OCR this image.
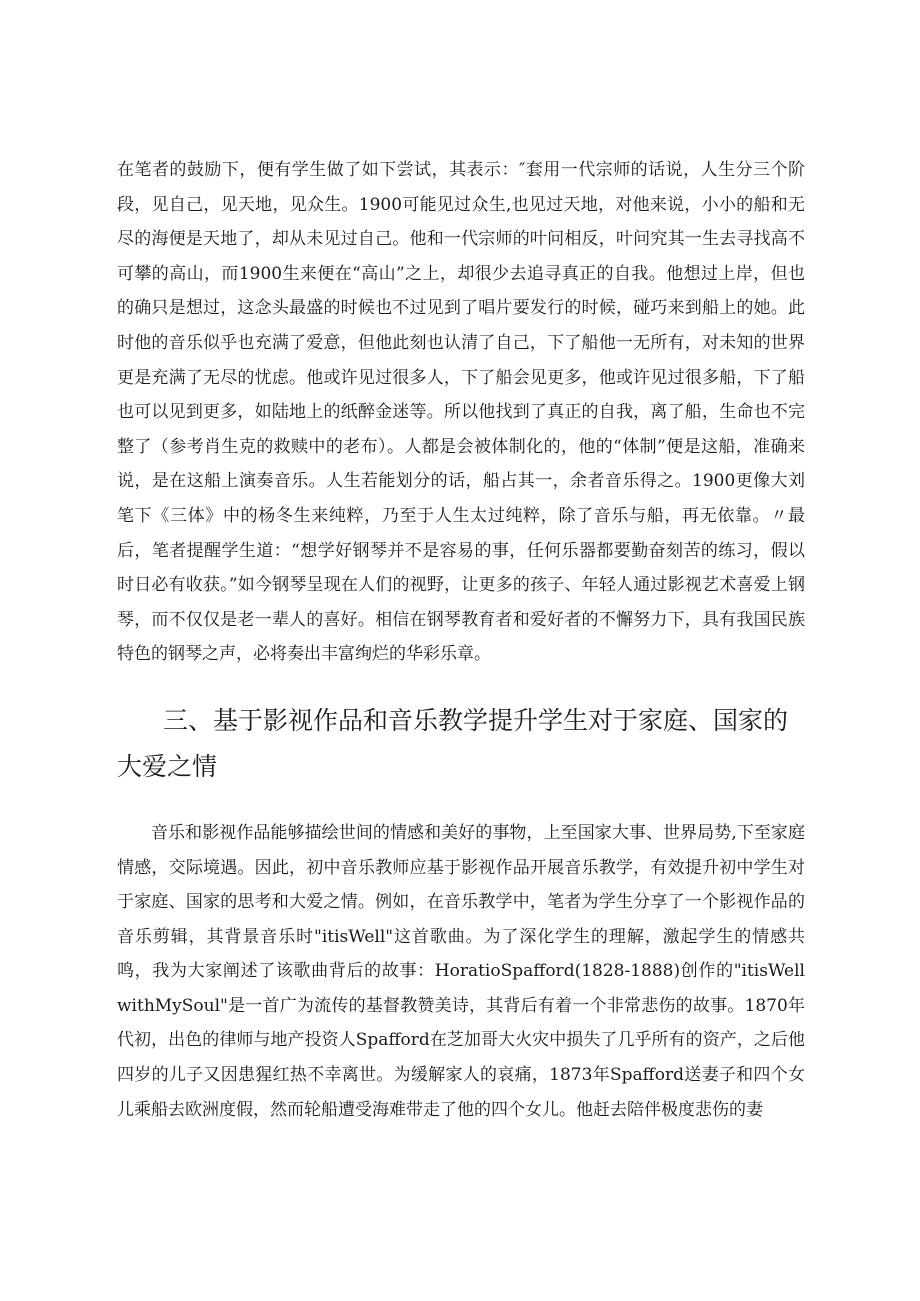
在笔者的鼓励下，便有学生做了如下尝试，其表示：″套用一代宗师的话说，人生分三个阶段，见自己，见天地，见众生。1900可能见过众生,也见过天地，对他来说，小小的船和无尽的海便是天地了，却从未见过自己。他和一代宗师的叶问相反，叶问究其一生去寻找高不可攀的高山，而1900生来便在“高山”之上，却很少去追寻真正的自我。他想过上岸，但也的确只是想过，这念头最盛的时候也不过见到了唱片要发行的时候，碰巧来到船上的她。此时他的音乐似乎也充满了爱意，但他此刻也认清了自己，下了船他一无所有，对未知的世界更是充满了无尽的忧虑。他或许见过很多人，下了船会见更多，他或许见过很多船，下了船也可以见到更多，如陆地上的纸醉金迷等。所以他找到了真正的自我，离了船，生命也不完整了（参考肖生克的救赎中的老布）。人都是会被体制化的，他的“体制”便是这船，准确来说，是在这船上演奏音乐。人生若能划分的话，船占其一，余者音乐得之。1900更像大刘笔下《三体》中的杨冬生来纯粹，乃至于人生太过纯粹，除了音乐与船，再无依靠。〃最后，笔者提醒学生道：“想学好钢琴并不是容易的事，任何乐器都要勤奋刻苦的练习，假以时日必有收获。”如今钢琴呈现在人们的视野，让更多的孩子、年轻人通过影视艺术喜爱上钢琴，而不仅仅是老一辈人的喜好。相信在钢琴教育者和爱好者的不懈努力下，具有我国民族特色的钢琴之声，必将奏出丰富绚烂的华彩乐章。

三、基于影视作品和音乐教学提升学生对于家庭、国家的大爱之情

音乐和影视作品能够描绘世间的情感和美好的事物，上至国家大事、世界局势,下至家庭情感，交际境遇。因此，初中音乐教师应基于影视作品开展音乐教学，有效提升初中学生对于家庭、国家的思考和大爱之情。例如，在音乐教学中，笔者为学生分享了一个影视作品的音乐剪辑，其背景音乐时"itisWell"这首歌曲。为了深化学生的理解，激起学生的情感共鸣，我为大家阐述了该歌曲背后的故事：HoratioSpafford(1828-1888)创作的"itisWellwithMySoul"是一首广为流传的基督教赞美诗，其背后有着一个非常悲伤的故事。1870年代初，出色的律师与地产投资人Spafford在芝加哥大火灾中损失了几乎所有的资产，之后他四岁的儿子又因患猩红热不幸离世。为缓解家人的哀痛，1873年Spafford送妻子和四个女儿乘船去欧洲度假，然而轮船遭受海难带走了他的四个女儿。他赶去陪伴极度悲伤的妻
